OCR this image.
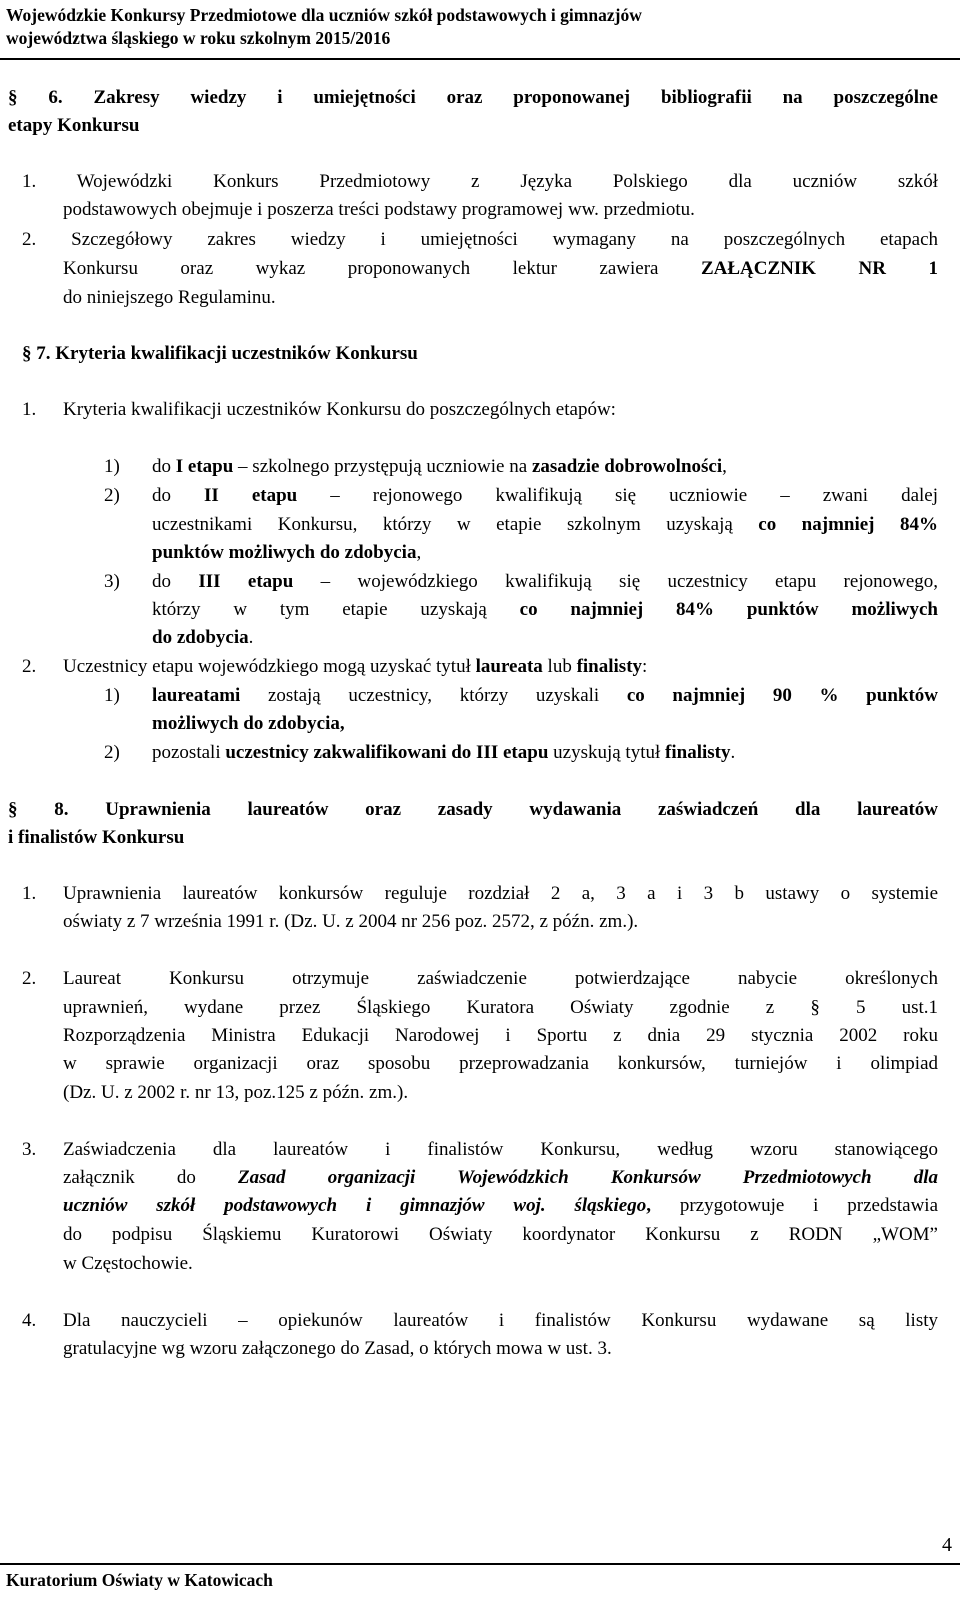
Wojewódzkie Konkursy Przedmiotowe dla uczniów szkół podstawowych i gimnazjów
województwa śląskiego w roku szkolnym 2015/2016
§ 6. Zakresy wiedzy i umiejętności oraz proponowanej bibliografii na poszczególne
etapy Konkursu
1. Wojewódzki Konkurs Przedmiotowy z Języka Polskiego dla uczniów szkół
podstawowych obejmuje i poszerza treści podstawy programowej ww. przedmiotu.
2. Szczegółowy zakres wiedzy i umiejętności wymagany na poszczególnych etapach
Konkursu oraz wykaz proponowanych lektur zawiera ZAŁĄCZNIK NR 1
do niniejszego Regulaminu.
§ 7. Kryteria kwalifikacji uczestników Konkursu
1. Kryteria kwalifikacji uczestników Konkursu do poszczególnych etapów:
1) do I etapu – szkolnego przystępują uczniowie na zasadzie dobrowolności,
2) do II etapu – rejonowego kwalifikują się uczniowie – zwani dalej
uczestnikami Konkursu, którzy w etapie szkolnym uzyskają co najmniej 84%
punktów możliwych do zdobycia,
3) do III etapu – wojewódzkiego kwalifikują się uczestnicy etapu rejonowego,
którzy w tym etapie uzyskają co najmniej 84% punktów możliwych
do zdobycia.
2. Uczestnicy etapu wojewódzkiego mogą uzyskać tytuł laureata lub finalisty:
1) laureatami zostają uczestnicy, którzy uzyskali co najmniej 90 % punktów
możliwych do zdobycia,
2) pozostali uczestnicy zakwalifikowani do III etapu uzyskują tytuł finalisty.
§ 8. Uprawnienia laureatów oraz zasady wydawania zaświadczeń dla laureatów
i finalistów Konkursu
1. Uprawnienia laureatów konkursów reguluje rozdział 2 a, 3 a i 3 b ustawy o systemie
oświaty z 7 września 1991 r. (Dz. U. z 2004 nr 256 poz. 2572, z późn. zm.).
2. Laureat Konkursu otrzymuje zaświadczenie potwierdzające nabycie określonych
uprawnień, wydane przez Śląskiego Kuratora Oświaty zgodnie z § 5 ust.1
Rozporządzenia Ministra Edukacji Narodowej i Sportu z dnia 29 stycznia 2002 roku
w sprawie organizacji oraz sposobu przeprowadzania konkursów, turniejów i olimpiad
(Dz. U. z 2002 r. nr 13, poz.125 z późn. zm.).
3. Zaświadczenia dla laureatów i finalistów Konkursu, według wzoru stanowiącego
załącznik do Zasad organizacji Wojewódzkich Konkursów Przedmiotowych dla
uczniów szkół podstawowych i gimnazjów woj. śląskiego, przygotowuje i przedstawia
do podpisu Śląskiemu Kuratorowi Oświaty koordynator Konkursu z RODN „WOM”
w Częstochowie.
4. Dla nauczycieli – opiekunów laureatów i finalistów Konkursu wydawane są listy
gratulacyjne wg wzoru załączonego do Zasad, o których mowa w ust. 3.
4
Kuratorium Oświaty w Katowicach
